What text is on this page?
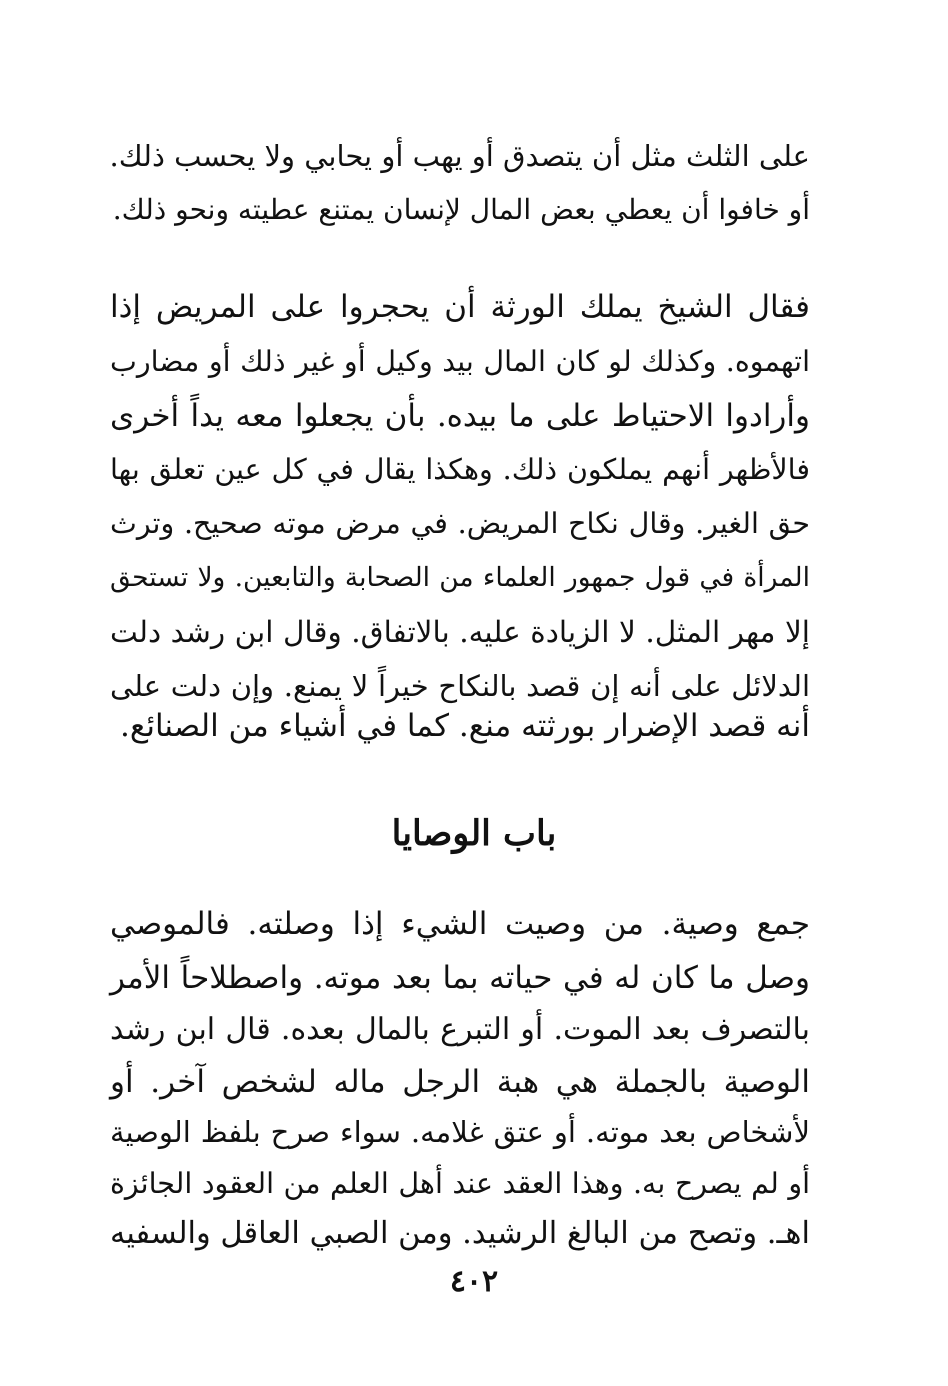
على الثلث مثل أن يتصدق أو يهب أو يحابي ولا يحسب ذلك.
أو خافوا أن يعطي بعض المال لإنسان يمتنع عطيته ونحو ذلك.
فقال الشيخ يملك الورثة أن يحجروا على المريض إذا
اتهموه. وكذلك لو كان المال بيد وكيل أو غير ذلك أو مضارب
وأرادوا الاحتياط على ما بيده. بأن يجعلوا معه يداً أخرى
فالأظهر أنهم يملكون ذلك. وهكذا يقال في كل عين تعلق بها
حق الغير. وقال نكاح المريض. في مرض موته صحيح. وترث
المرأة في قول جمهور العلماء من الصحابة والتابعين. ولا تستحق
إلا مهر المثل. لا الزيادة عليه. بالاتفاق. وقال ابن رشد دلت
الدلائل على أنه إن قصد بالنكاح خيراً لا يمنع. وإن دلت على
أنه قصد الإضرار بورثته منع. كما في أشياء من الصنائع.
باب الوصايا
جمع وصية. من وصيت الشيء إذا وصلته. فالموصي
وصل ما كان له في حياته بما بعد موته. واصطلاحاً الأمر
بالتصرف بعد الموت. أو التبرع بالمال بعده. قال ابن رشد
الوصية بالجملة هي هبة الرجل ماله لشخص آخر. أو
لأشخاص بعد موته. أو عتق غلامه. سواء صرح بلفظ الوصية
أو لم يصرح به. وهذا العقد عند أهل العلم من العقود الجائزة
اهـ. وتصح من البالغ الرشيد. ومن الصبي العاقل والسفيه
٤٠٢
